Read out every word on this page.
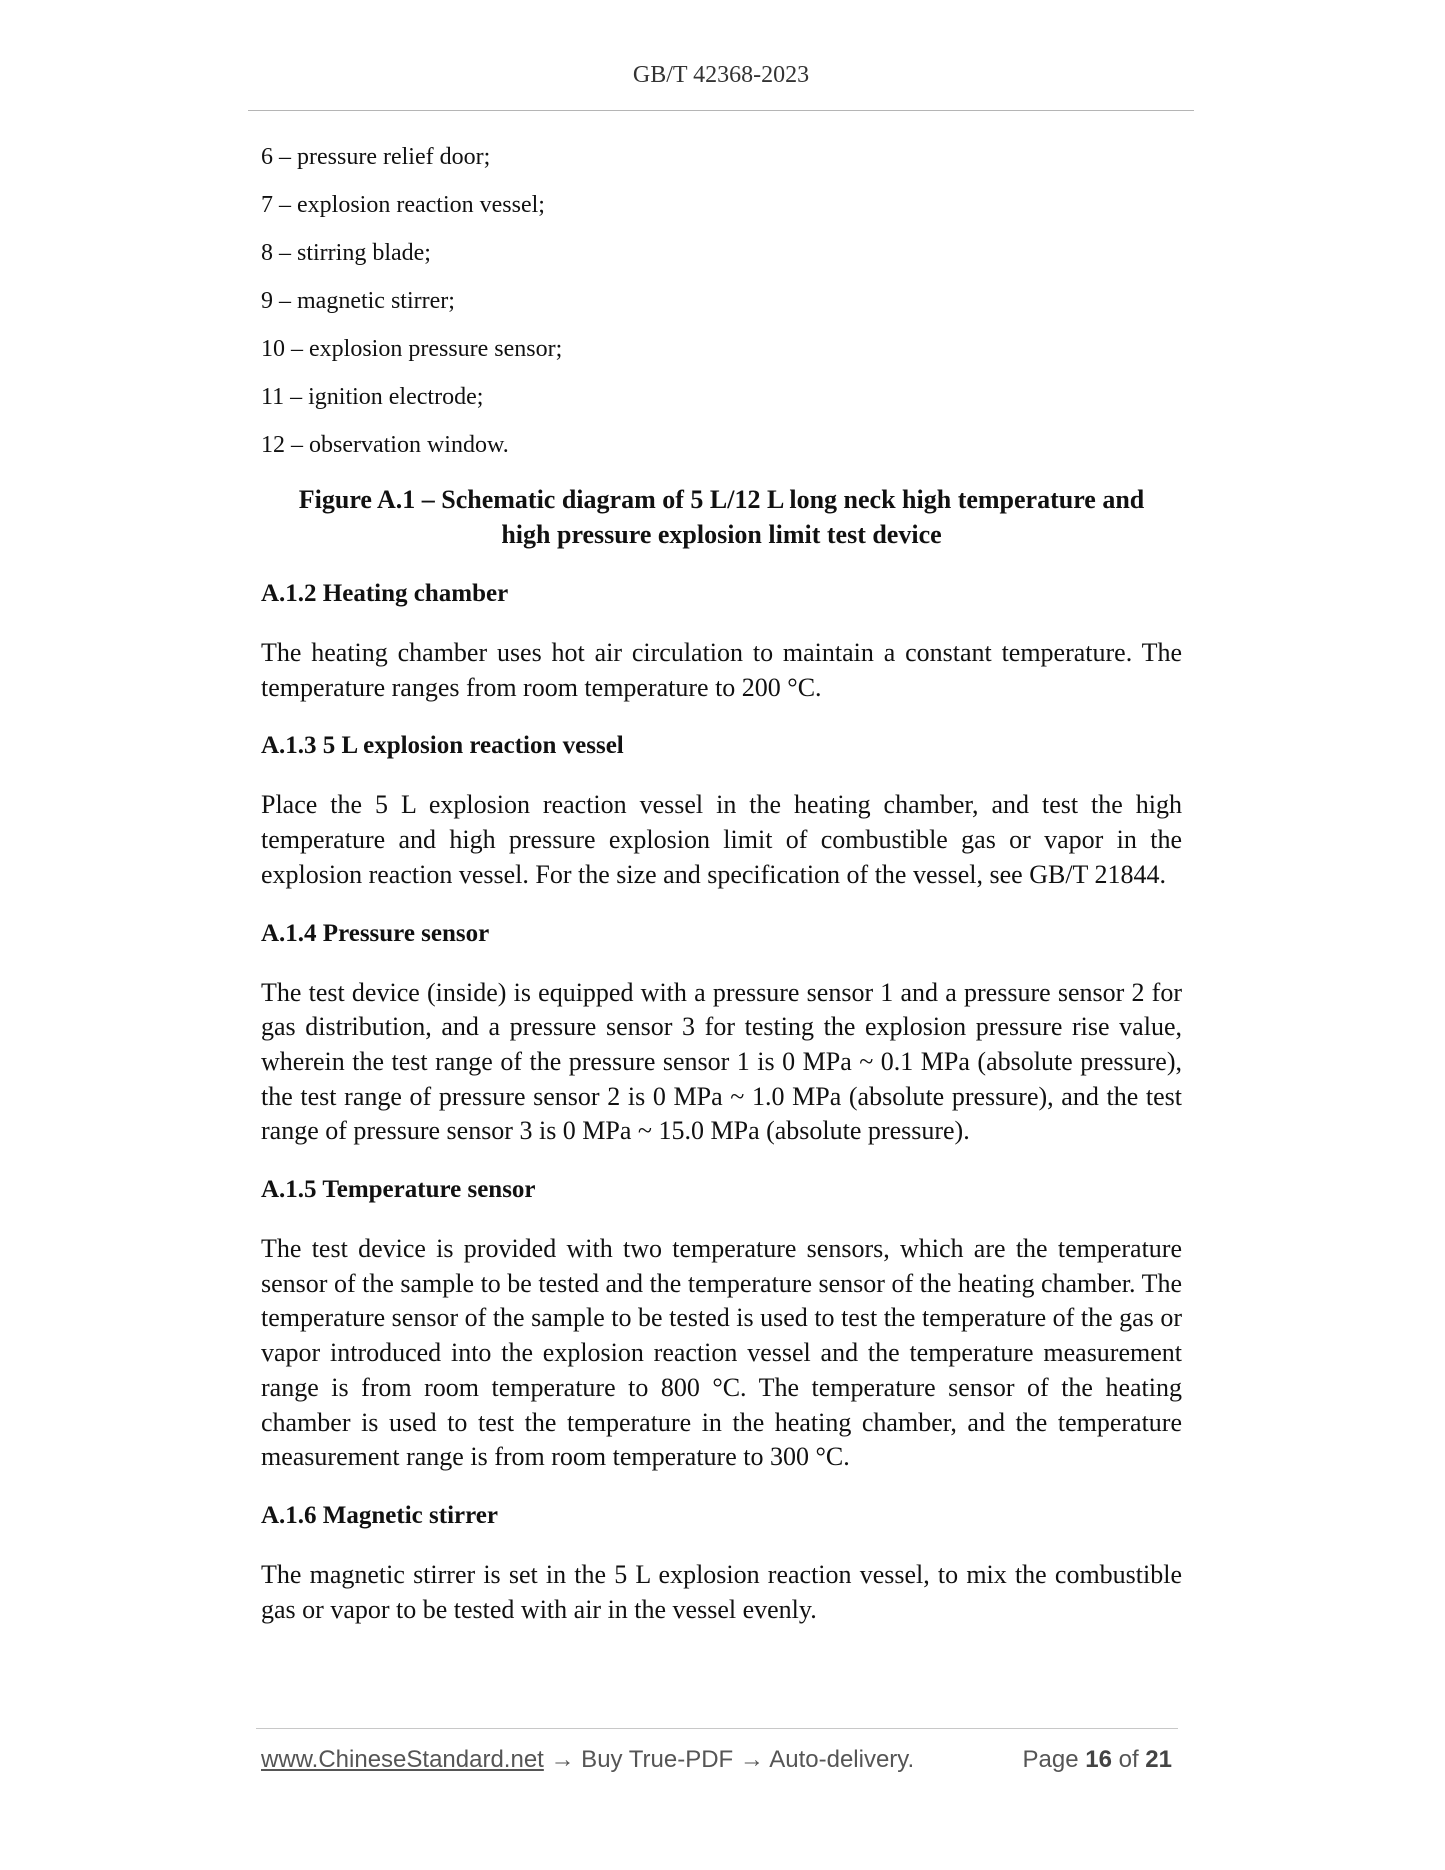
GB/T 42368-2023
6 – pressure relief door;
7 – explosion reaction vessel;
8 – stirring blade;
9 – magnetic stirrer;
10 – explosion pressure sensor;
11 – ignition electrode;
12 – observation window.
Figure A.1 – Schematic diagram of 5 L/12 L long neck high temperature and
high pressure explosion limit test device
A.1.2 Heating chamber

The heating chamber uses hot air circulation to maintain a constant temperature. The temperature ranges from room temperature to 200 °C.

A.1.3 5 L explosion reaction vessel

Place the 5 L explosion reaction vessel in the heating chamber, and test the high temperature and high pressure explosion limit of combustible gas or vapor in the explosion reaction vessel. For the size and specification of the vessel, see GB/T 21844.

A.1.4 Pressure sensor

The test device (inside) is equipped with a pressure sensor 1 and a pressure sensor 2 for gas distribution, and a pressure sensor 3 for testing the explosion pressure rise value, wherein the test range of the pressure sensor 1 is 0 MPa ~ 0.1 MPa (absolute pressure), the test range of pressure sensor 2 is 0 MPa ~ 1.0 MPa (absolute pressure), and the test range of pressure sensor 3 is 0 MPa ~ 15.0 MPa (absolute pressure).

A.1.5 Temperature sensor

The test device is provided with two temperature sensors, which are the temperature sensor of the sample to be tested and the temperature sensor of the heating chamber. The temperature sensor of the sample to be tested is used to test the temperature of the gas or vapor introduced into the explosion reaction vessel and the temperature measurement range is from room temperature to 800 °C. The temperature sensor of the heating chamber is used to test the temperature in the heating chamber, and the temperature measurement range is from room temperature to 300 °C.

A.1.6 Magnetic stirrer

The magnetic stirrer is set in the 5 L explosion reaction vessel, to mix the combustible gas or vapor to be tested with air in the vessel evenly.

www.ChineseStandard.net → Buy True-PDF → Auto-delivery.	Page 16 of 21
